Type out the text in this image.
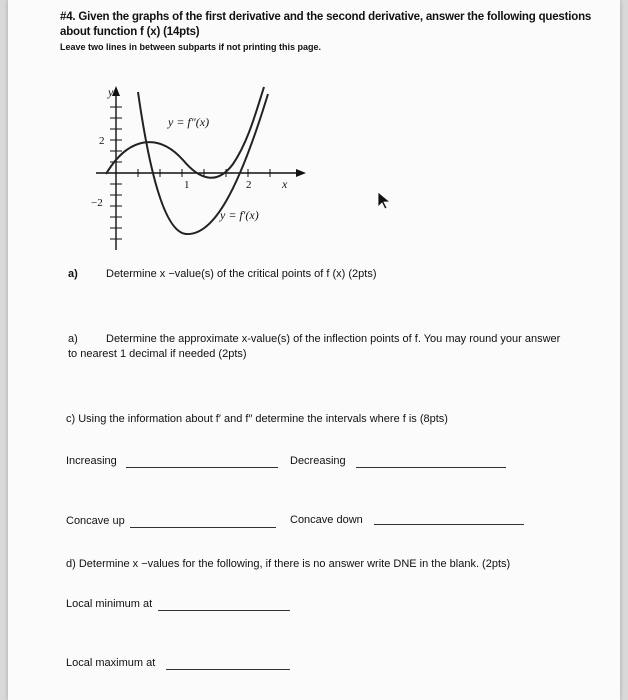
#4. Given the graphs of the first derivative and the second derivative, answer the following questions
about function f (x) (14pts)
Leave two lines in between subparts if not printing this page.
y
x
2
−2
1	2
y = f″(x)
y = f′(x)
a)	Determine x −value(s) of the critical points of f (x) (2pts)
a)	Determine the approximate x-value(s) of the inflection points of f. You may round your answer
to nearest 1 decimal if needed (2pts)
c) Using the information about f′ and f″ determine the intervals where f is (8pts)
Increasing	Decreasing
Concave up	Concave down
d) Determine x −values for the following, if there is no answer write DNE in the blank. (2pts)
Local minimum at
Local maximum at
